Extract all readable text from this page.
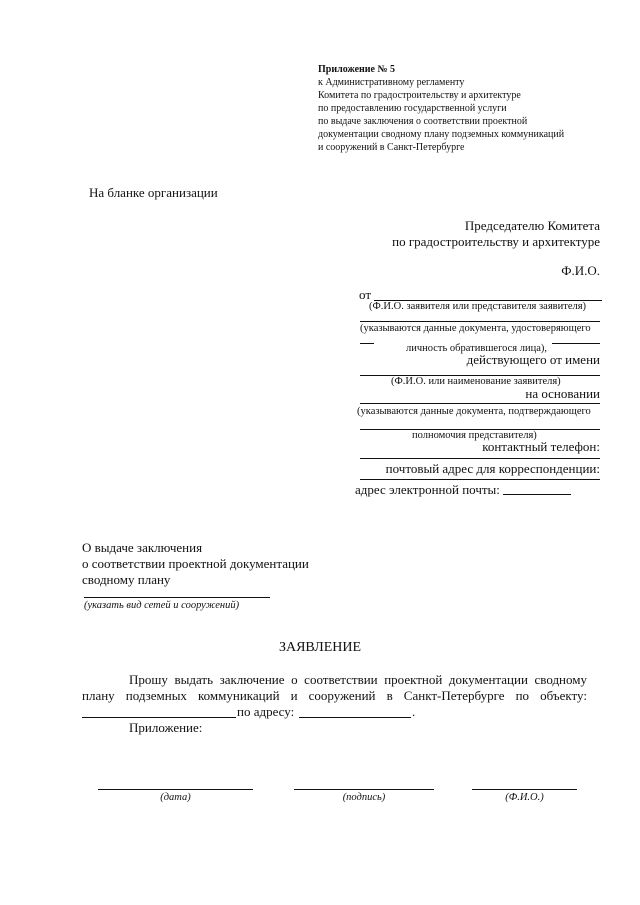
Приложение № 5
к Административному регламенту
Комитета по градостроительству и архитектуре
по предоставлению государственной услуги
по выдаче заключения о соответствии проектной
документации сводному плану подземных коммуникаций
и сооружений в Санкт-Петербурге
На бланке организации
Председателю Комитета
по градостроительству и архитектуре
Ф.И.О.
от
(Ф.И.О. заявителя или представителя заявителя)
(указываются данные документа, удостоверяющего
личность обратившегося лица),
действующего от имени
(Ф.И.О. или наименование заявителя)
на основании
(указываются данные документа, подтверждающего
полномочия представителя)
контактный телефон:
почтовый адрес для корреспонденции:
адрес электронной почты:
О выдаче заключения
о соответствии проектной документации
сводному плану
(указать вид сетей и сооружений)
ЗАЯВЛЕНИЕ
Прошу выдать заключение о соответствии проектной документации сводному
плану подземных коммуникаций и сооружений в Санкт-Петербурге по объекту:
по адресу:	.
Приложение:
(дата)	(подпись)	(Ф.И.О.)
